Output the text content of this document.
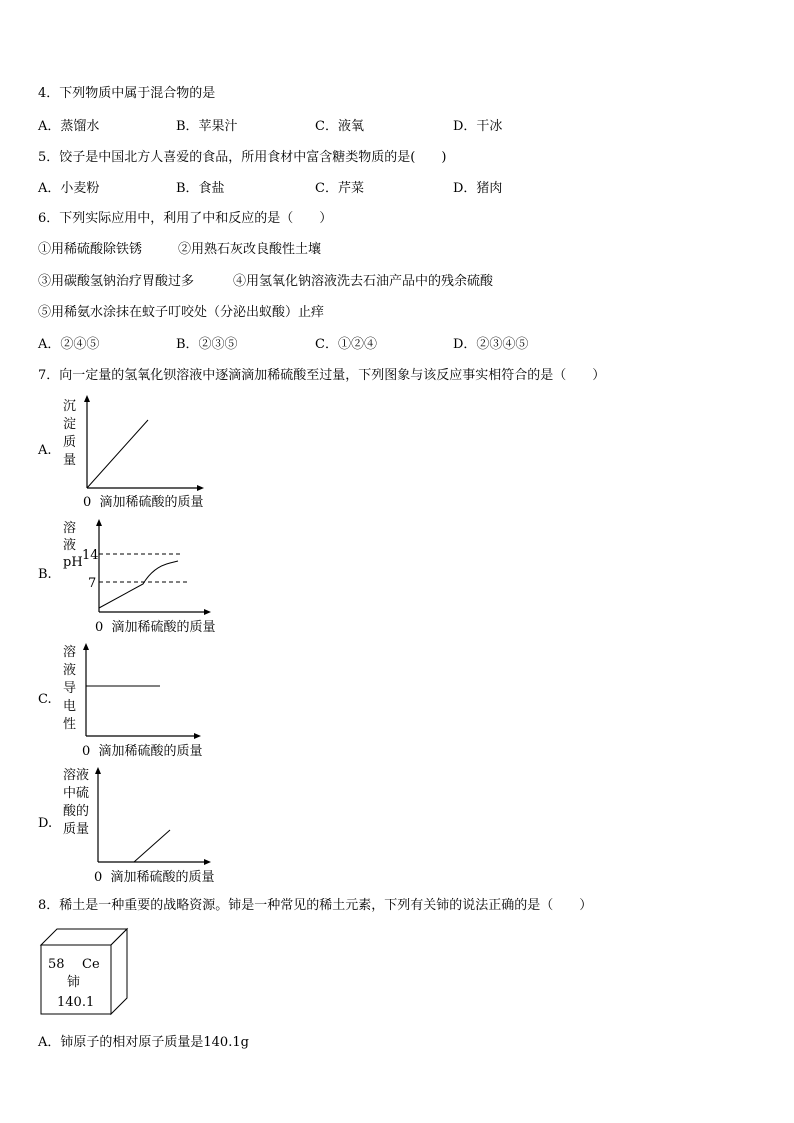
4．下列物质中属于混合物的是
A．蒸馏水	B．苹果汁	C．液氧	D．干冰
5．饺子是中国北方人喜爱的食品，所用食材中富含糖类物质的是(　　)
A．小麦粉	B．食盐	C．芹菜	D．猪肉
6．下列实际应用中，利用了中和反应的是（　　）
①用稀硫酸除铁锈	②用熟石灰改良酸性土壤
③用碳酸氢钠治疗胃酸过多	④用氢氧化钠溶液洗去石油产品中的残余硫酸
⑤用稀氨水涂抹在蚊子叮咬处（分泌出蚁酸）止痒
A．②④⑤	B．②③⑤	C．①②④	D．②③④⑤
7．向一定量的氢氧化钡溶液中逐滴滴加稀硫酸至过量，下列图象与该反应事实相符合的是（　　）
A.
沉
淀
质
量
0  滴加稀硫酸的质量
B.
溶
液
pH 14
7
0  滴加稀硫酸的质量
C.
溶
液
导
电
性
0  滴加稀硫酸的质量
D.
溶液
中硫
酸的
质量
0  滴加稀硫酸的质量
8．稀土是一种重要的战略资源。铈是一种常见的稀土元素，下列有关铈的说法正确的是（　　）
58 Ce
铈
140.1
A．铈原子的相对原子质量是140.1g
